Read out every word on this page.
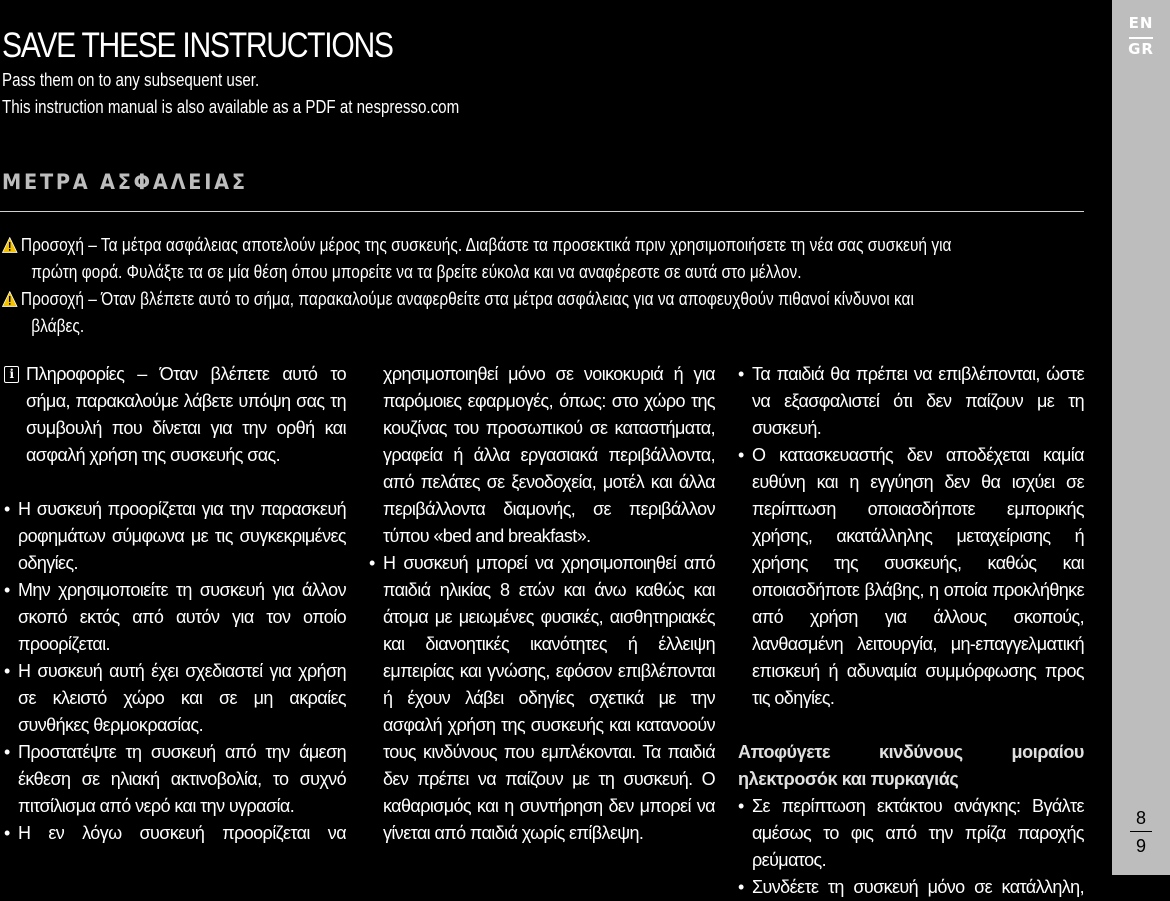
EN
GR
8
9
SAVE THESE INSTRUCTIONS
Pass them on to any subsequent user.
This instruction manual is also available as a PDF at nespresso.com
ΜΕΤΡΑ ΑΣΦΑΛΕΙΑΣ
Προσοχή – Τα μέτρα ασφάλειας αποτελούν μέρος της συσκευής. Διαβάστε τα προσεκτικά πριν χρησιμοποιήσετε τη νέα σας συσκευή για
πρώτη φορά. Φυλάξτε τα σε μία θέση όπου μπορείτε να τα βρείτε εύκολα και να αναφέρεστε σε αυτά στο μέλλον.
Προσοχή – Όταν βλέπετε αυτό το σήμα, παρακαλούμε αναφερθείτε στα μέτρα ασφάλειας για να αποφευχθούν πιθανοί κίνδυνοι και
βλάβες.
i Πληροφορίες – Όταν βλέπετε αυτό το σήμα, παρακαλούμε λάβετε υπόψη σας τη συμβουλή που δίνεται για την ορθή και ασφαλή χρήση της συσκευής σας.
• Η συσκευή προορίζεται για την παρασκευή ροφημάτων σύμφωνα με τις συγκεκριμένες οδηγίες.
• Μην χρησιμοποιείτε τη συσκευή για άλλον σκοπό εκτός από αυτόν για τον οποίο προορίζεται.
• Η συσκευή αυτή έχει σχεδιαστεί για χρήση σε κλειστό χώρο και σε μη ακραίες συνθήκες θερμοκρασίας.
• Προστατέψτε τη συσκευή από την άμεση έκθεση σε ηλιακή ακτινοβολία, το συχνό πιτσίλισμα από νερό και την υγρασία.
• Η εν λόγω συσκευή προορίζεται να
χρησιμοποιηθεί μόνο σε νοικοκυριά ή για παρόμοιες εφαρμογές, όπως: στο χώρο της κουζίνας του προσωπικού σε καταστήματα, γραφεία ή άλλα εργασιακά περιβάλλοντα, από πελάτες σε ξενοδοχεία, μοτέλ και άλλα περιβάλλοντα διαμονής, σε περιβάλλον τύπου «bed and breakfast».
• Η συσκευή μπορεί να χρησιμοποιηθεί από παιδιά ηλικίας 8 ετών και άνω καθώς και άτομα με μειωμένες φυσικές, αισθητηριακές και διανοητικές ικανότητες ή έλλειψη εμπειρίας και γνώσης, εφόσον επιβλέπονται ή έχουν λάβει οδηγίες σχετικά με την ασφαλή χρήση της συσκευής και κατανοούν τους κινδύνους που εμπλέκονται. Τα παιδιά δεν πρέπει να παίζουν με τη συσκευή. Ο καθαρισμός και η συντήρηση δεν μπορεί να γίνεται από παιδιά χωρίς επίβλεψη.
• Τα παιδιά θα πρέπει να επιβλέπονται, ώστε να εξασφαλιστεί ότι δεν παίζουν με τη συσκευή.
• Ο κατασκευαστής δεν αποδέχεται καμία ευθύνη και η εγγύηση δεν θα ισχύει σε περίπτωση οποιασδήποτε εμπορικής χρήσης, ακατάλληλης μεταχείρισης ή χρήσης της συσκευής, καθώς και οποιασδήποτε βλάβης, η οποία προκλήθηκε από χρήση για άλλους σκοπούς, λανθασμένη λειτουργία, μη-επαγγελματική επισκευή ή αδυναμία συμμόρφωσης προς τις οδηγίες.

Αποφύγετε κινδύνους μοιραίου ηλεκτροσόκ και πυρκαγιάς

• Σε περίπτωση εκτάκτου ανάγκης: Βγάλτε αμέσως το φις από την πρίζα παροχής ρεύματος.
• Συνδέετε τη συσκευή μόνο σε κατάλληλη,
